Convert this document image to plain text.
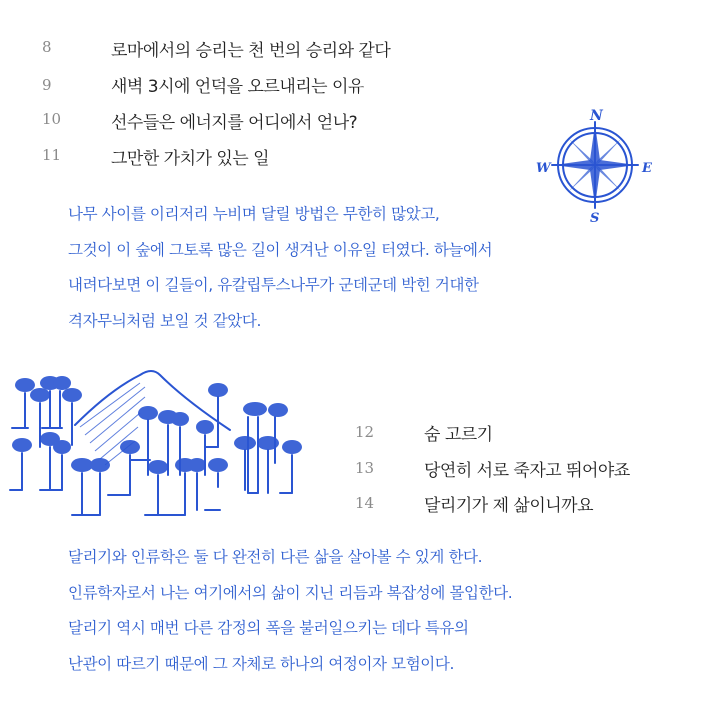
8	로마에서의 승리는 천 번의 승리와 같다
9	새벽 3시에 언덕을 오르내리는 이유
10	선수들은 에너지를 어디에서 얻나?
11	그만한 가치가 있는 일
N
E
S
W
나무 사이를 이리저리 누비며 달릴 방법은 무한히 많았고,
그것이 이 숲에 그토록 많은 길이 생겨난 이유일 터였다. 하늘에서
내려다보면 이 길들이, 유칼립투스나무가 군데군데 박힌 거대한
격자무늬처럼 보일 것 같았다.
12	숨 고르기
13	당연히 서로 죽자고 뛰어야죠
14	달리기가 제 삶이니까요
달리기와 인류학은 둘 다 완전히 다른 삶을 살아볼 수 있게 한다.
인류학자로서 나는 여기에서의 삶이 지닌 리듬과 복잡성에 몰입한다.
달리기 역시 매번 다른 감정의 폭을 불러일으키는 데다 특유의
난관이 따르기 때문에 그 자체로 하나의 여정이자 모험이다.
